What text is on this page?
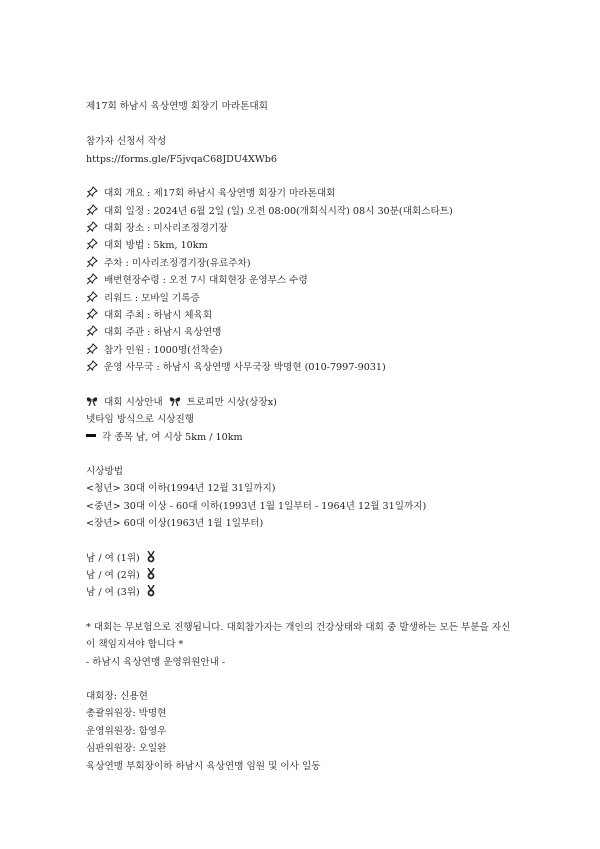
제17회 하남시 육상연맹 회장기 마라톤대회
참가자 신청서 작성
https://forms.gle/F5jvqaC68JDU4XWb6
대회 개요 : 제17회 하남시 육상연맹 회장기 마라톤대회
대회 일정 : 2024년 6월 2일 (일) 오전 08:00(개회식시작) 08시 30분(대회스타트)
대회 장소 : 미사리조정경기장
대회 방법 : 5km, 10km
주차 : 미사리조정경기장(유료주차)
배번현장수령 : 오전 7시 대회현장 운영부스 수령
리워드 : 모바일 기록증
대회 주최 : 하남시 체육회
대회 주관 : 하남시 육상연맹
참가 인원 : 1000명(선착순)
운영 사무국 : 하남시 육상연맹 사무국장 박명현 (010-7997-9031)
대회 시상안내	트로피만 시상(상장x)
넷타임 방식으로 시상진행
각 종목 남, 여 시상 5km / 10km
시상방법
<청년> 30대 이하(1994년 12월 31일까지)
<중년> 30대 이상 - 60대 이하(1993년 1월 1일부터 - 1964년 12월 31일까지)
<장년> 60대 이상(1963년 1월 1일부터)
남 / 여 (1위)
남 / 여 (2위)
남 / 여 (3위)
* 대회는 무보험으로 진행됩니다. 대회참가자는 개인의 건강상태와 대회 중 발생하는 모든 부분을 자신이 책임지셔야 합니다 *
- 하남시 육상연맹 운영위원안내 -
대회장: 신용현
총괄위원장: 박명현
운영위원장: 함영우
심판위원장: 오일완
육상연맹 부회장이하 하남시 육상연맹 임원 및 이사 일동
